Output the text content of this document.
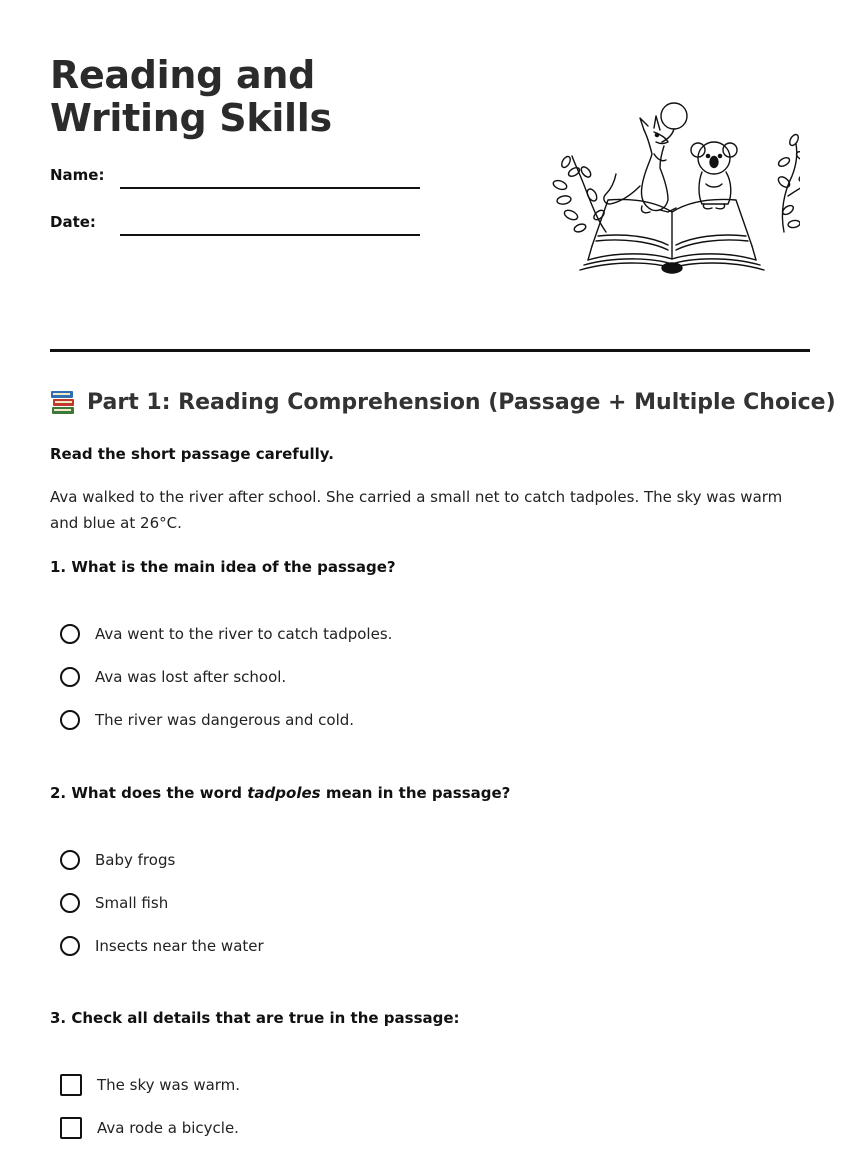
Reading and Writing Skills
Name:
Date:
Part 1: Reading Comprehension (Passage + Multiple Choice)
Read the short passage carefully.

Ava walked to the river after school. She carried a small net to catch tadpoles. The sky was warm and blue at 26°C.

1. What is the main idea of the passage?
Ava went to the river to catch tadpoles.
Ava was lost after school.
The river was dangerous and cold.
2. What does the word tadpoles mean in the passage?
Baby frogs
Small fish
Insects near the water
3. Check all details that are true in the passage:
The sky was warm.
Ava rode a bicycle.
